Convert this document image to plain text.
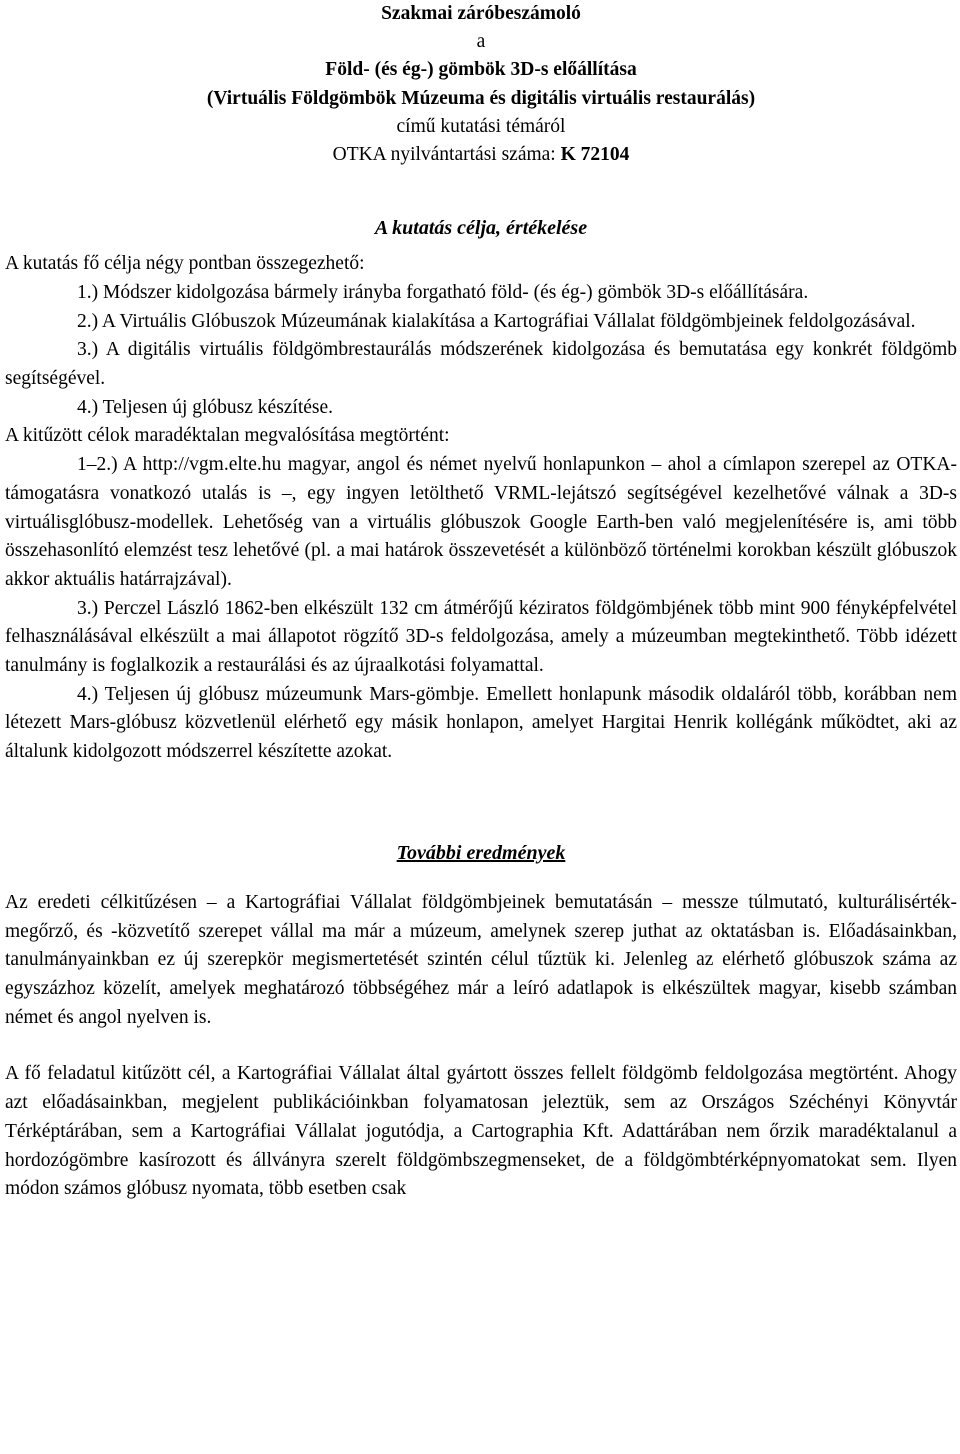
Szakmai záróbeszámoló
a
Föld- (és ég-) gömbök 3D-s előállítása
(Virtuális Földgömbök Múzeuma és digitális virtuális restaurálás)
című kutatási témáról
OTKA nyilvántartási száma: K 72104
A kutatás célja, értékelése

A kutatás fő célja négy pontban összegezhető:

1.) Módszer kidolgozása bármely irányba forgatható föld- (és ég-) gömbök 3D-s előállítására.

2.) A Virtuális Glóbuszok Múzeumának kialakítása a Kartográfiai Vállalat földgömbjeinek feldolgozásával.

3.) A digitális virtuális földgömbrestaurálás módszerének kidolgozása és bemutatása egy konkrét földgömb segítségével.

4.) Teljesen új glóbusz készítése.

A kitűzött célok maradéktalan megvalósítása megtörtént:

1–2.) A http://vgm.elte.hu magyar, angol és német nyelvű honlapunkon – ahol a címlapon szerepel az OTKA-támogatásra vonatkozó utalás is –, egy ingyen letölthető VRML-lejátszó segítségével kezelhetővé válnak a 3D-s virtuálisglóbusz-modellek. Lehetőség van a virtuális glóbuszok Google Earth-ben való megjelenítésére is, ami több összehasonlító elemzést tesz lehetővé (pl. a mai határok összevetését a különböző történelmi korokban készült glóbuszok akkor aktuális határrajzával).

3.) Perczel László 1862-ben elkészült 132 cm átmérőjű kéziratos földgömbjének több mint 900 fényképfelvétel felhasználásával elkészült a mai állapotot rögzítő 3D-s feldolgozása, amely a múzeumban megtekinthető. Több idézett tanulmány is foglalkozik a restaurálási és az újraalkotási folyamattal.

4.) Teljesen új glóbusz múzeumunk Mars-gömbje. Emellett honlapunk második oldaláról több, korábban nem létezett Mars-glóbusz közvetlenül elérhető egy másik honlapon, amelyet Hargitai Henrik kollégánk működtet, aki az általunk kidolgozott módszerrel készítette azokat.

További eredmények

Az eredeti célkitűzésen – a Kartográfiai Vállalat földgömbjeinek bemutatásán – messze túlmutató, kulturálisérték-megőrző, és -közvetítő szerepet vállal ma már a múzeum, amelynek szerep juthat az oktatásban is. Előadásainkban, tanulmányainkban ez új szerepkör megismertetését szintén célul tűztük ki. Jelenleg az elérhető glóbuszok száma az egyszázhoz közelít, amelyek meghatározó többségéhez már a leíró adatlapok is elkészültek magyar, kisebb számban német és angol nyelven is.

A fő feladatul kitűzött cél, a Kartográfiai Vállalat által gyártott összes fellelt földgömb feldolgozása megtörtént. Ahogy azt előadásainkban, megjelent publikációinkban folyamatosan jeleztük, sem az Országos Széchényi Könyvtár Térképtárában, sem a Kartográfiai Vállalat jogutódja, a Cartographia Kft. Adattárában nem őrzik maradéktalanul a hordozógömbre kasírozott és állványra szerelt földgömbszegmenseket, de a földgömbtérképnyomatokat sem. Ilyen módon számos glóbusz nyomata, több esetben csak
